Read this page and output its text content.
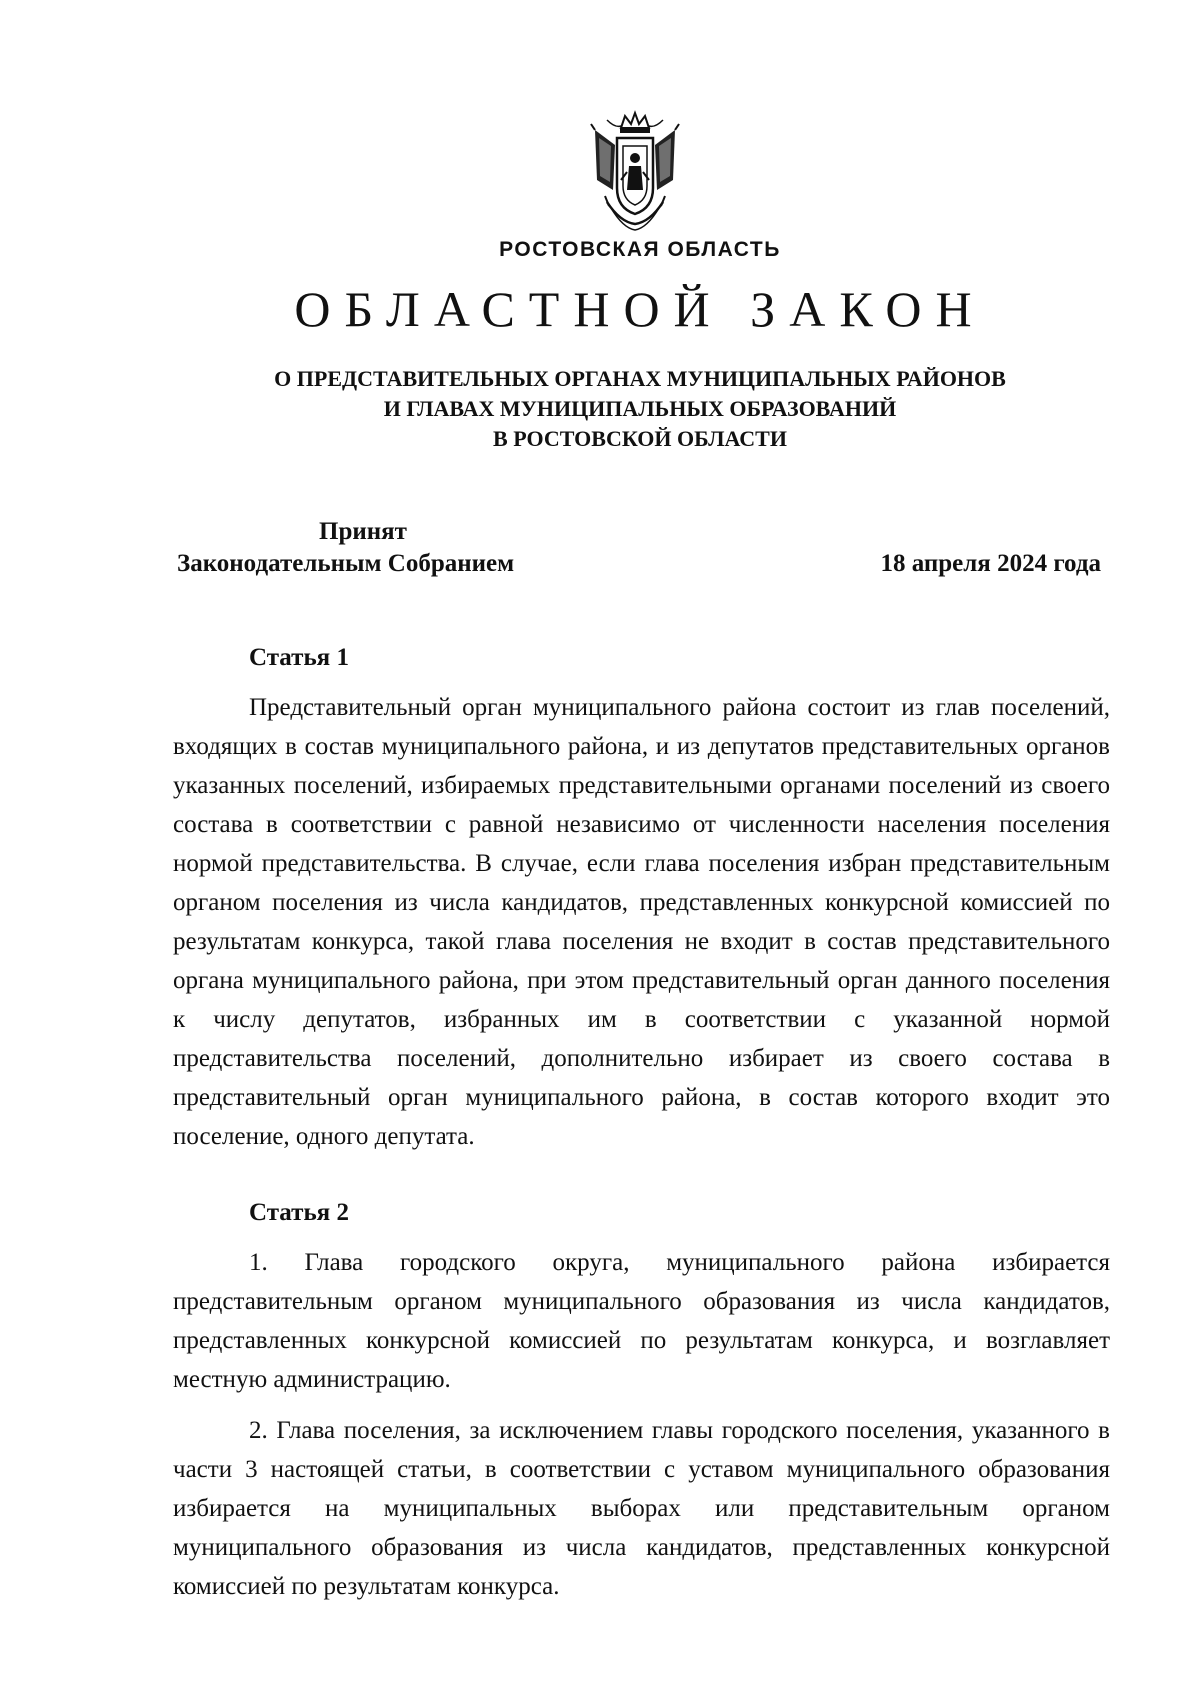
РОСТОВСКАЯ ОБЛАСТЬ
ОБЛАСТНОЙ ЗАКОН
О ПРЕДСТАВИТЕЛЬНЫХ ОРГАНАХ МУНИЦИПАЛЬНЫХ РАЙОНОВ
И ГЛАВАХ МУНИЦИПАЛЬНЫХ ОБРАЗОВАНИЙ
В РОСТОВСКОЙ ОБЛАСТИ
Принят
Законодательным Собранием	18 апреля 2024 года
Статья 1

Представительный орган муниципального района состоит из глав поселений, входящих в состав муниципального района, и из депутатов представительных органов указанных поселений, избираемых представительными органами поселений из своего состава в соответствии с равной независимо от численности населения поселения нормой представительства. В случае, если глава поселения избран представительным органом поселения из числа кандидатов, представленных конкурсной комиссией по результатам конкурса, такой глава поселения не входит в состав представительного органа муниципального района, при этом представительный орган данного поселения к числу депутатов, избранных им в соответствии с указанной нормой представительства поселений, дополнительно избирает из своего состава в представительный орган муниципального района, в состав которого входит это поселение, одного депутата.

Статья 2

1. Глава городского округа, муниципального района избирается представительным органом муниципального образования из числа кандидатов, представленных конкурсной комиссией по результатам конкурса, и возглавляет местную администрацию.

2. Глава поселения, за исключением главы городского поселения, указанного в части 3 настоящей статьи, в соответствии с уставом муниципального образования избирается на муниципальных выборах или представительным органом муниципального образования из числа кандидатов, представленных конкурсной комиссией по результатам конкурса.
